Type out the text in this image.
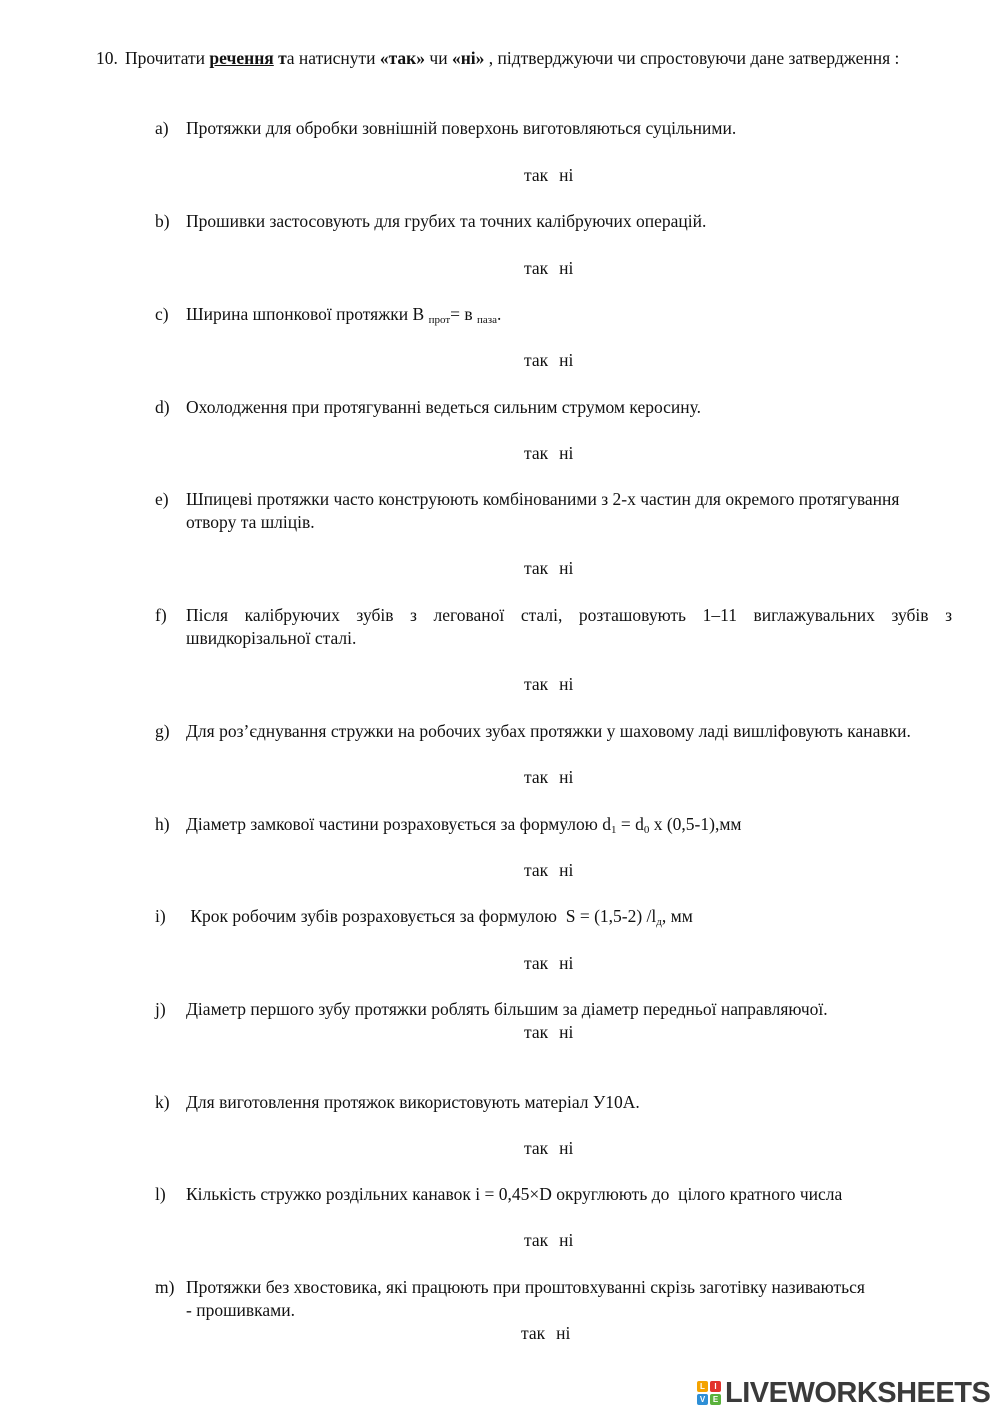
10. Прочитати речення та натиснути «так» чи «ні» , підтверджуючи чи спростовуючи дане затвердження :
a) Протяжки для обробки зовнішній поверхонь виготовляються суцільними.
так ні
b) Прошивки застосовують для грубих та точних калібруючих операцій.
так ні
c) Ширина шпонкової протяжки В $_{прот}$= в $_{паза}$.
так ні
d) Охолодження при протягуванні ведеться сильним струмом керосину.
так ні
e) Шпицеві протяжки часто конструюють комбінованими з 2-х частин для окремого протягування отвору та шліців.
так ні
f) Після калібруючих зубів з легованої сталі, розташовують 1–11 виглажувальних зубів з швидкорізальної сталі.
так ні
g) Для роз’єднування стружки на робочих зубах протяжки у шаховому ладі вишліфовують канавки.
так ні
h) Діаметр замкової частини розраховується за формулою $d_1 = d_0$ х (0,5-1),мм
так ні
i) Крок робочим зубів розраховується за формулою  S = (1,5-2) $/l_д$, мм
так ні
j) Діаметр першого зубу протяжки роблять більшим за діаметр передньої направляючої.
так ні
k) Для виготовлення протяжок використовують матеріал У10А.
так ні
l) Кількість стружко роздільних канавок i = 0,45×D округлюють до  цілого кратного числа
так ні
m) Протяжки без хвостовика, які працюють при проштовхуванні скрізь заготівку називаються - прошивками.
так ні
L	I
V E LIVEWORKSHEETS
